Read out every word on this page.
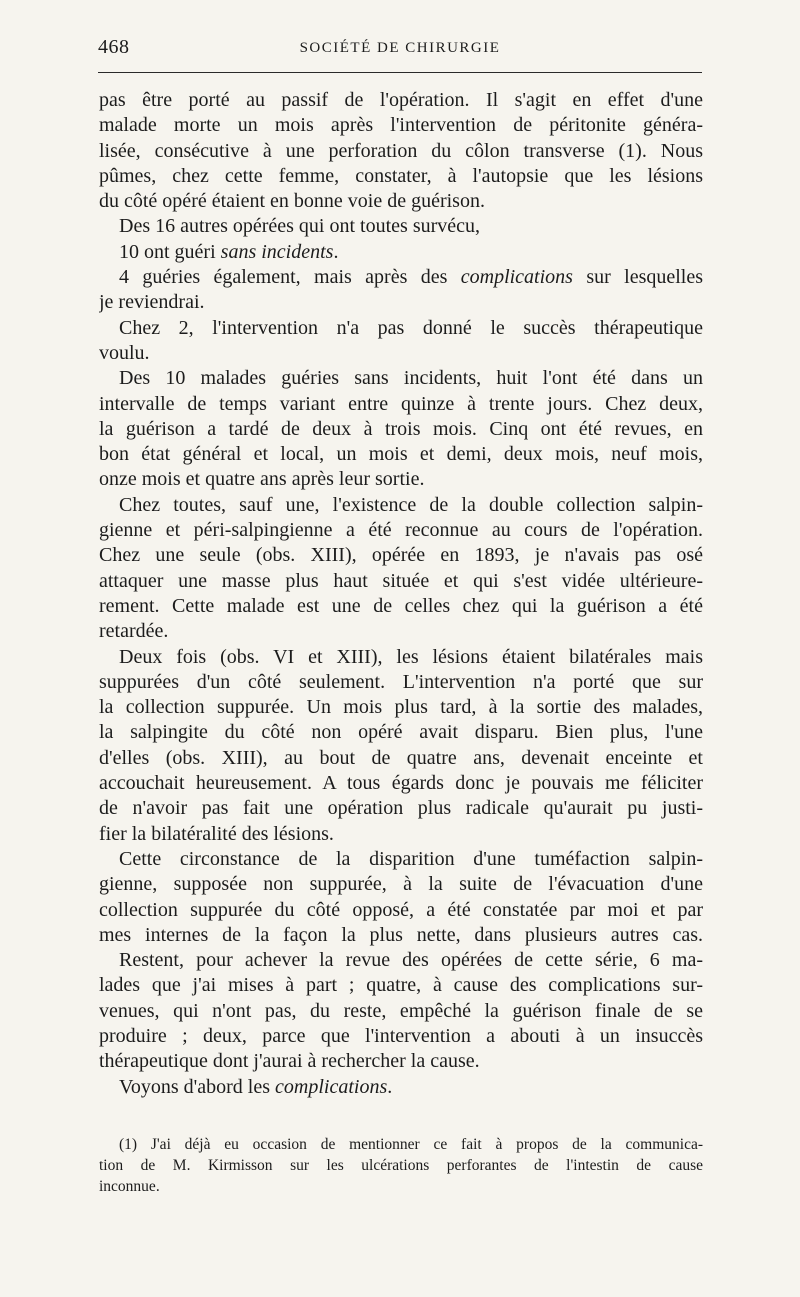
468	SOCIÉTÉ DE CHIRURGIE
pas être porté au passif de l'opération. Il s'agit en effet d'une
malade morte un mois après l'intervention de péritonite généra-
lisée, consécutive à une perforation du côlon transverse (1). Nous
pûmes, chez cette femme, constater, à l'autopsie que les lésions
du côté opéré étaient en bonne voie de guérison.
Des 16 autres opérées qui ont toutes survécu,
10 ont guéri sans incidents.
4 guéries également, mais après des complications sur lesquelles
je reviendrai.
Chez 2, l'intervention n'a pas donné le succès thérapeutique
voulu.
Des 10 malades guéries sans incidents, huit l'ont été dans un
intervalle de temps variant entre quinze à trente jours. Chez deux,
la guérison a tardé de deux à trois mois. Cinq ont été revues, en
bon état général et local, un mois et demi, deux mois, neuf mois,
onze mois et quatre ans après leur sortie.
Chez toutes, sauf une, l'existence de la double collection salpin-
gienne et péri-salpingienne a été reconnue au cours de l'opération.
Chez une seule (obs. XIII), opérée en 1893, je n'avais pas osé
attaquer une masse plus haut située et qui s'est vidée ultérieure-
rement. Cette malade est une de celles chez qui la guérison a été
retardée.
Deux fois (obs. VI et XIII), les lésions étaient bilatérales mais
suppurées d'un côté seulement. L'intervention n'a porté que sur
la collection suppurée. Un mois plus tard, à la sortie des malades,
la salpingite du côté non opéré avait disparu. Bien plus, l'une
d'elles (obs. XIII), au bout de quatre ans, devenait enceinte et
accouchait heureusement. A tous égards donc je pouvais me féliciter
de n'avoir pas fait une opération plus radicale qu'aurait pu justi-
fier la bilatéralité des lésions.
Cette circonstance de la disparition d'une tuméfaction salpin-
gienne, supposée non suppurée, à la suite de l'évacuation d'une
collection suppurée du côté opposé, a été constatée par moi et par
mes internes de la façon la plus nette, dans plusieurs autres cas.
Restent, pour achever la revue des opérées de cette série, 6 ma-
lades que j'ai mises à part ; quatre, à cause des complications sur-
venues, qui n'ont pas, du reste, empêché la guérison finale de se
produire ; deux, parce que l'intervention a abouti à un insuccès
thérapeutique dont j'aurai à rechercher la cause.
Voyons d'abord les complications.
(1) J'ai déjà eu occasion de mentionner ce fait à propos de la communica-
tion de M. Kirmisson sur les ulcérations perforantes de l'intestin de cause
inconnue.
